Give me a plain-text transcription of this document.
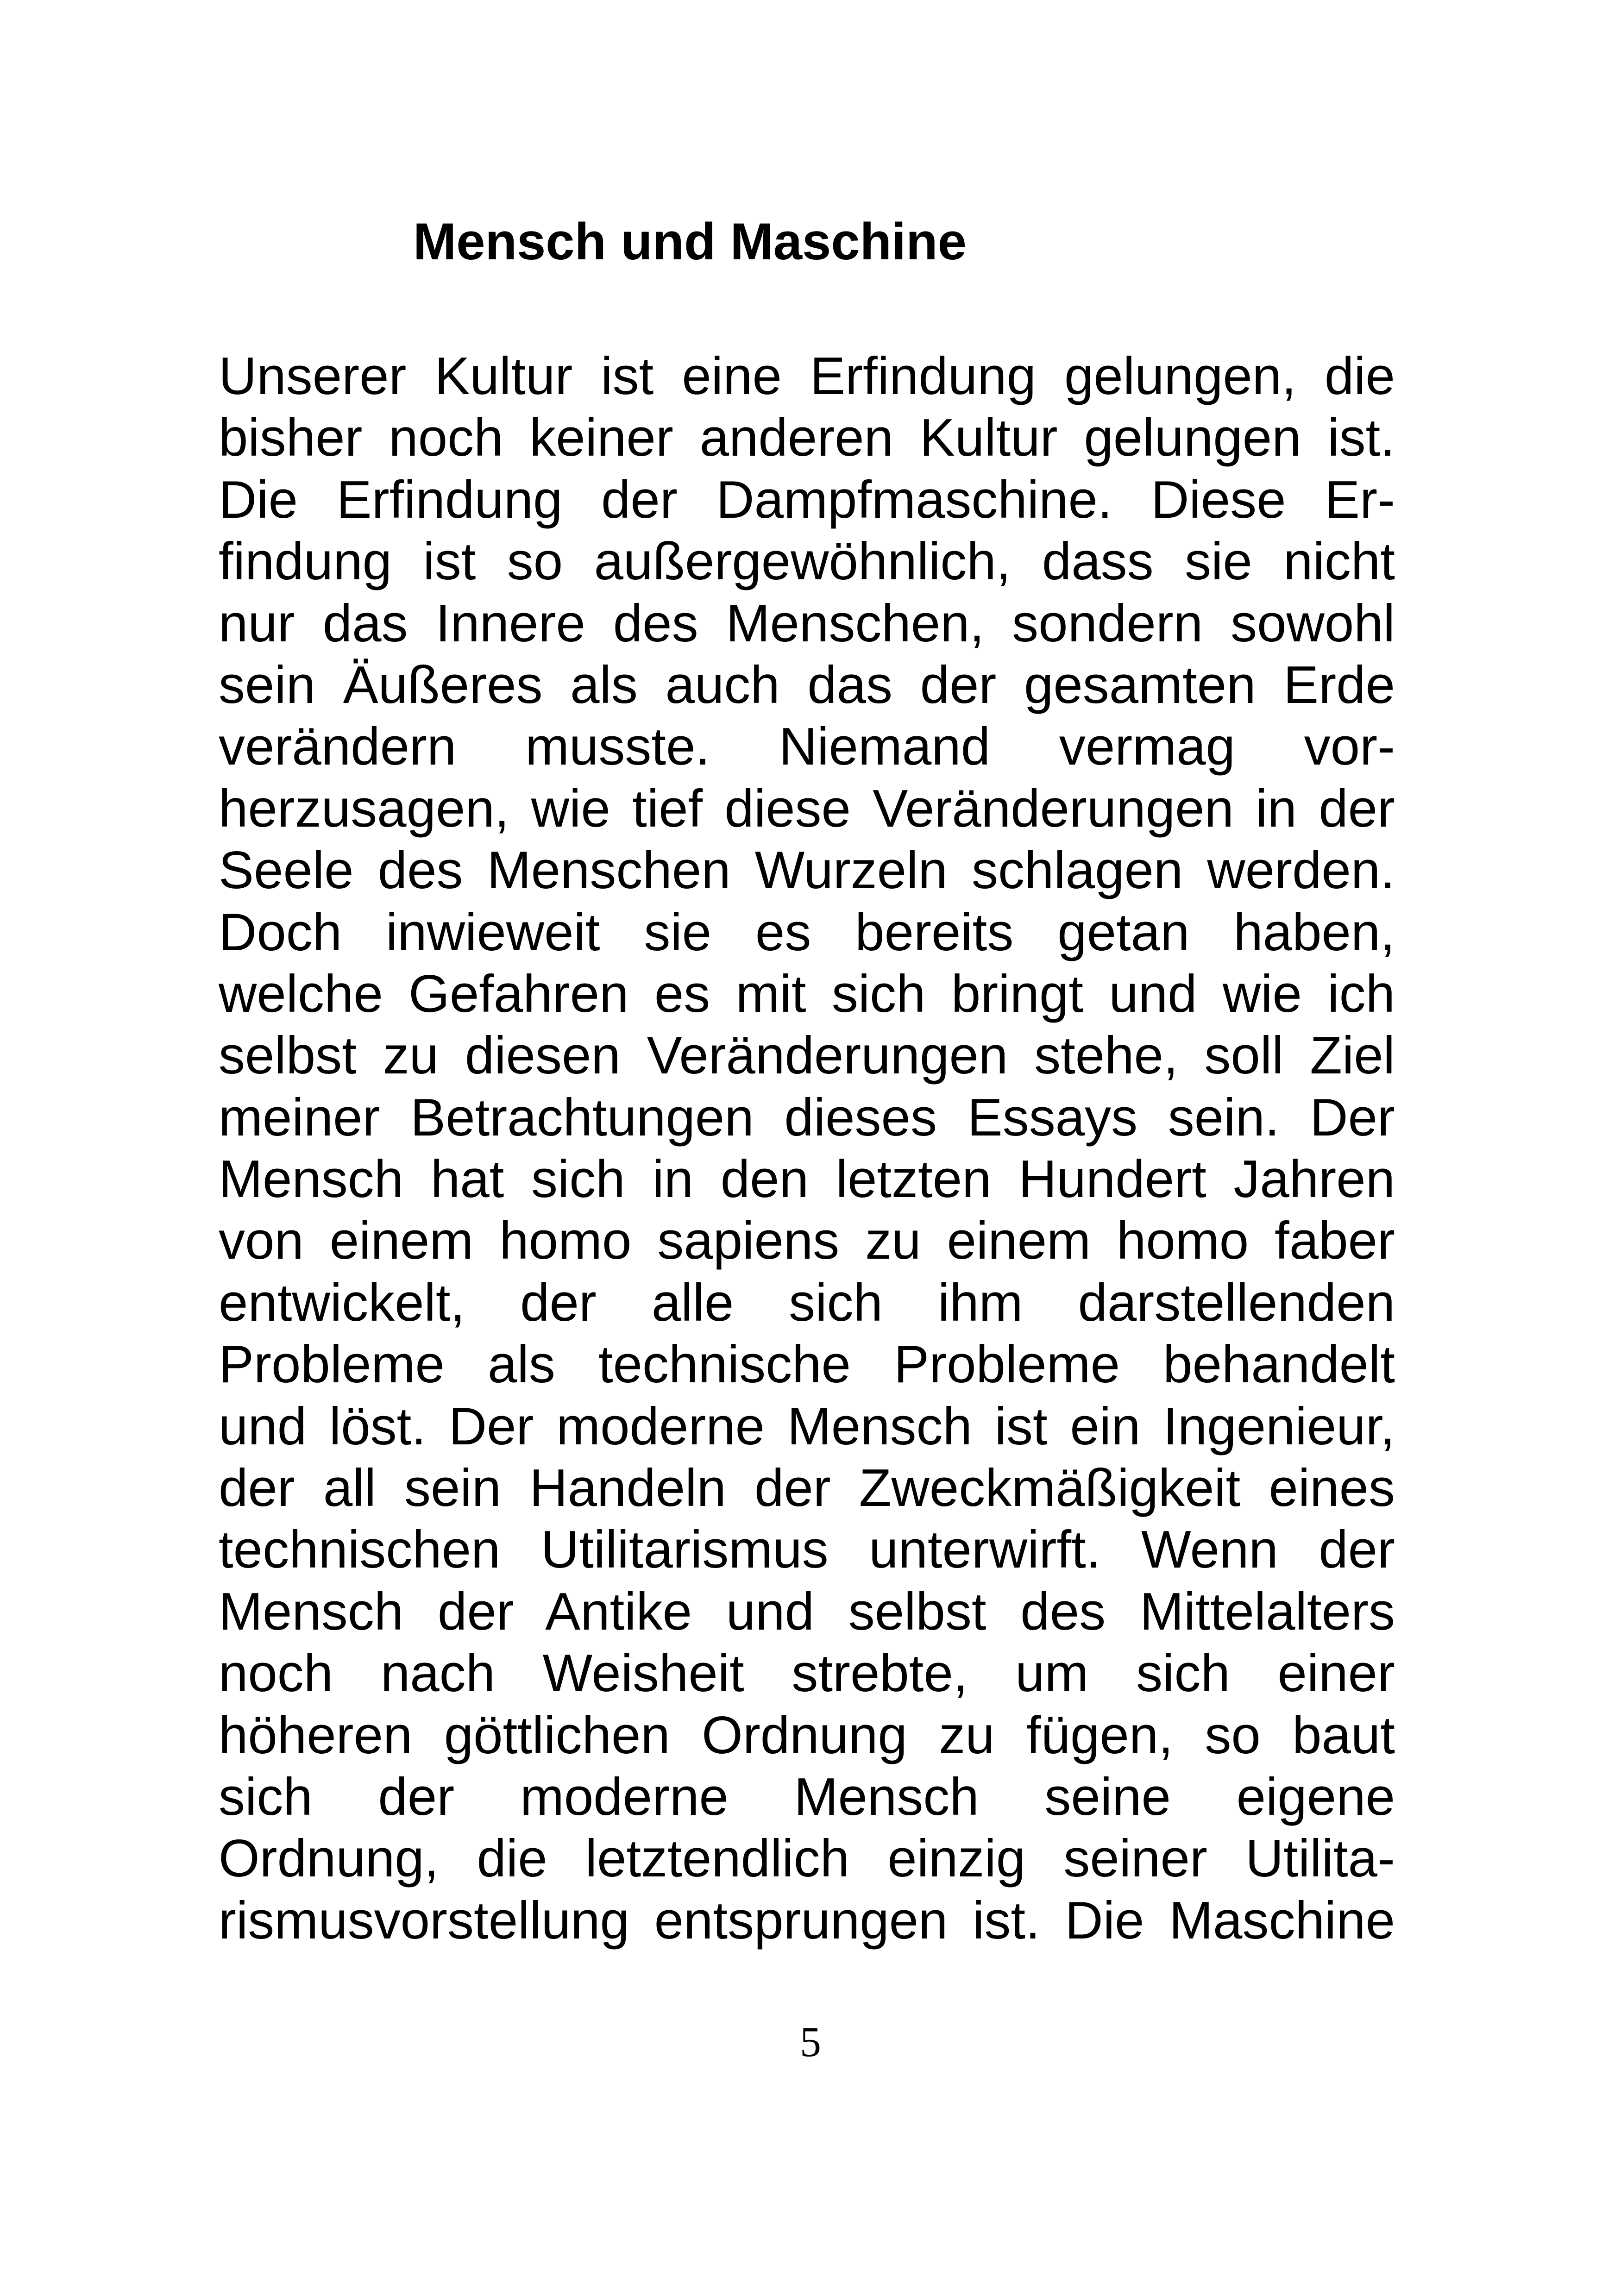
Mensch und Maschine
Unserer Kultur ist eine Erfindung gelungen, die
bisher noch keiner anderen Kultur gelungen ist.
Die Erfindung der Dampfmaschine. Diese Er-
findung ist so außergewöhnlich, dass sie nicht
nur das Innere des Menschen, sondern sowohl
sein Äußeres als auch das der gesamten Erde
verändern musste. Niemand vermag vor-
herzusagen, wie tief diese Veränderungen in der
Seele des Menschen Wurzeln schlagen werden.
Doch inwieweit sie es bereits getan haben,
welche Gefahren es mit sich bringt und wie ich
selbst zu diesen Veränderungen stehe, soll Ziel
meiner Betrachtungen dieses Essays sein. Der
Mensch hat sich in den letzten Hundert Jahren
von einem homo sapiens zu einem homo faber
entwickelt, der alle sich ihm darstellenden
Probleme als technische Probleme behandelt
und löst. Der moderne Mensch ist ein Ingenieur,
der all sein Handeln der Zweckmäßigkeit eines
technischen Utilitarismus unterwirft. Wenn der
Mensch der Antike und selbst des Mittelalters
noch nach Weisheit strebte, um sich einer
höheren göttlichen Ordnung zu fügen, so baut
sich der moderne Mensch seine eigene
Ordnung, die letztendlich einzig seiner Utilita-
rismusvorstellung entsprungen ist. Die Maschine
5
